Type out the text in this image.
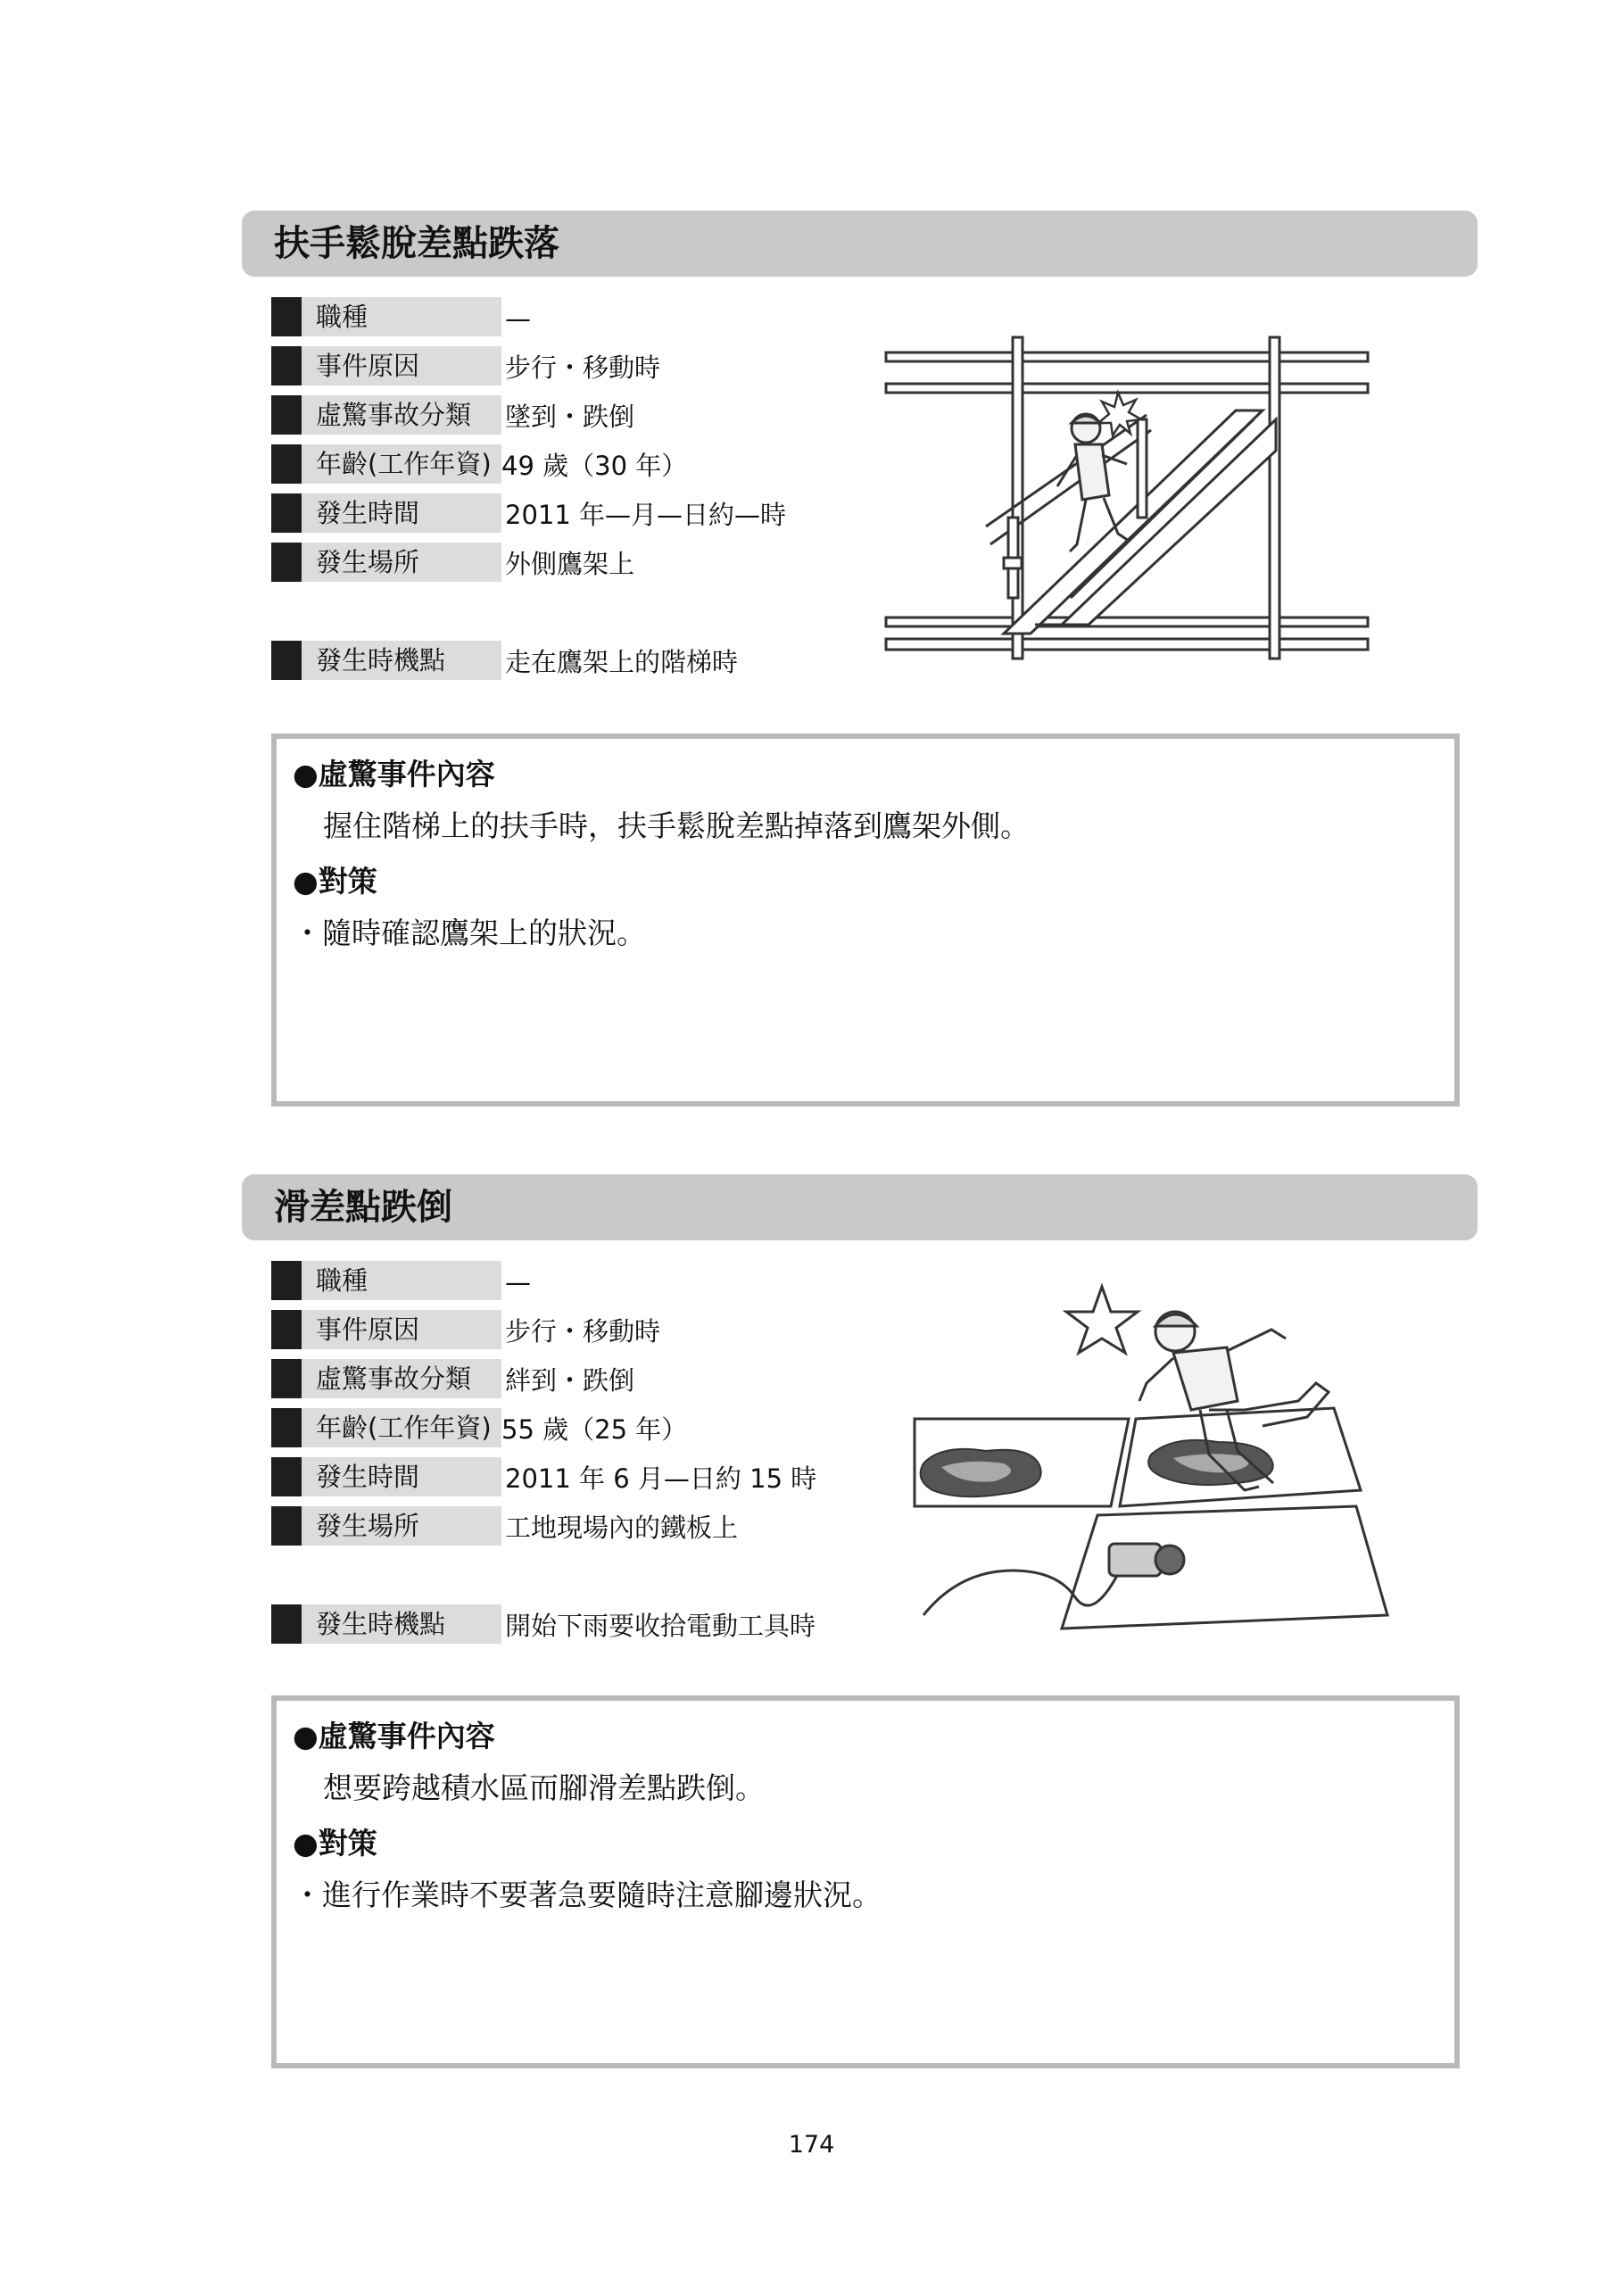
扶手鬆脫差點跌落
職種	—
事件原因	步行・移動時
虛驚事故分類	墜到・跌倒
年齡(工作年資) 49 歲（30 年）
發生時間	2011 年—月—日約—時
發生場所	外側鷹架上
發生時機點	走在鷹架上的階梯時
●虛驚事件內容
握住階梯上的扶手時，扶手鬆脫差點掉落到鷹架外側。
●對策
・隨時確認鷹架上的狀況。
滑差點跌倒
職種	—
事件原因	步行・移動時
虛驚事故分類	絆到・跌倒
年齡(工作年資) 55 歲（25 年）
發生時間	2011 年 6 月—日約 15 時
發生場所	工地現場內的鐵板上
發生時機點	開始下雨要收拾電動工具時
●虛驚事件內容
想要跨越積水區而腳滑差點跌倒。
●對策
・進行作業時不要著急要隨時注意腳邊狀況。
174
